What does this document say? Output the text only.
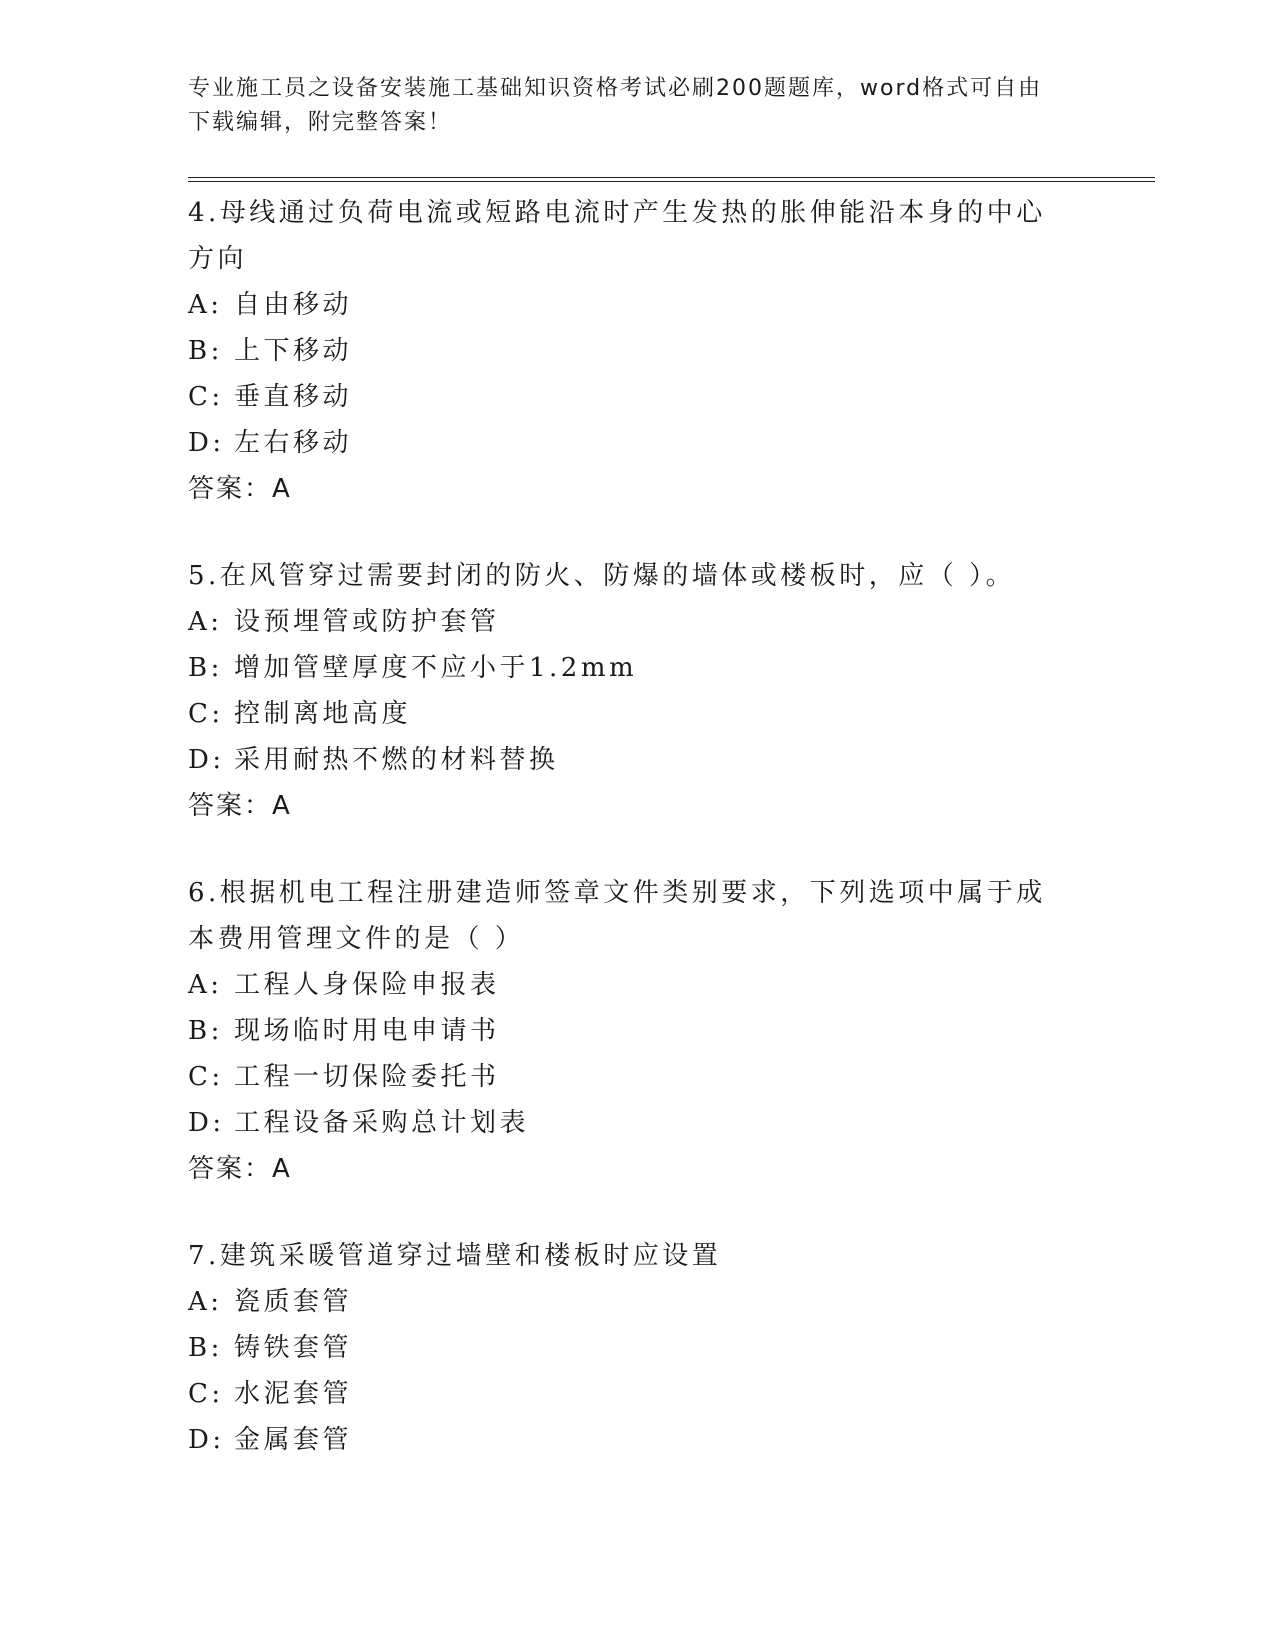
专业施工员之设备安装施工基础知识资格考试必刷200题题库，word格式可自由
下载编辑，附完整答案！
4.母线通过负荷电流或短路电流时产生发热的胀伸能沿本身的中心方向
A: 自由移动
B: 上下移动
C: 垂直移动
D: 左右移动
答案：A
5.在风管穿过需要封闭的防火、防爆的墙体或楼板时，应（ ）。
A: 设预埋管或防护套管
B: 增加管壁厚度不应小于1.2mm
C: 控制离地高度
D: 采用耐热不燃的材料替换
答案：A
6.根据机电工程注册建造师签章文件类别要求，下列选项中属于成本费用管理文件的是（ ）
A: 工程人身保险申报表
B: 现场临时用电申请书
C: 工程一切保险委托书
D: 工程设备采购总计划表
答案：A
7.建筑采暖管道穿过墙壁和楼板时应设置
A: 瓷质套管
B: 铸铁套管
C: 水泥套管
D: 金属套管
